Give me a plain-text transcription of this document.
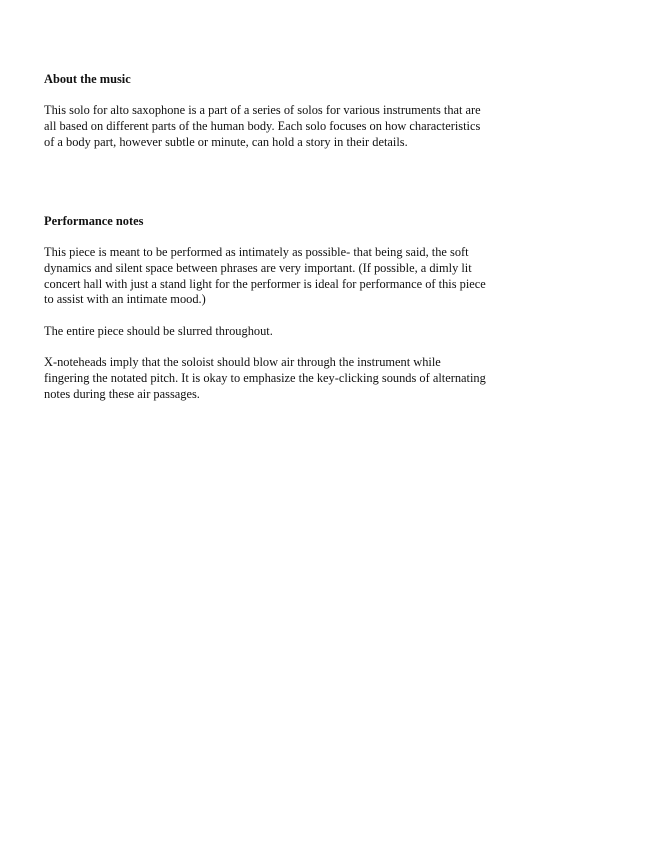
About the music

This solo for alto saxophone is a part of a series of solos for various instruments that are
all based on different parts of the human body. Each solo focuses on how characteristics
of a body part, however subtle or minute, can hold a story in their details.

Performance notes

This piece is meant to be performed as intimately as possible- that being said, the soft
dynamics and silent space between phrases are very important. (If possible, a dimly lit
concert hall with just a stand light for the performer is ideal for performance of this piece
to assist with an intimate mood.)

The entire piece should be slurred throughout.

X-noteheads imply that the soloist should blow air through the instrument while
fingering the notated pitch. It is okay to emphasize the key-clicking sounds of alternating
notes during these air passages.
